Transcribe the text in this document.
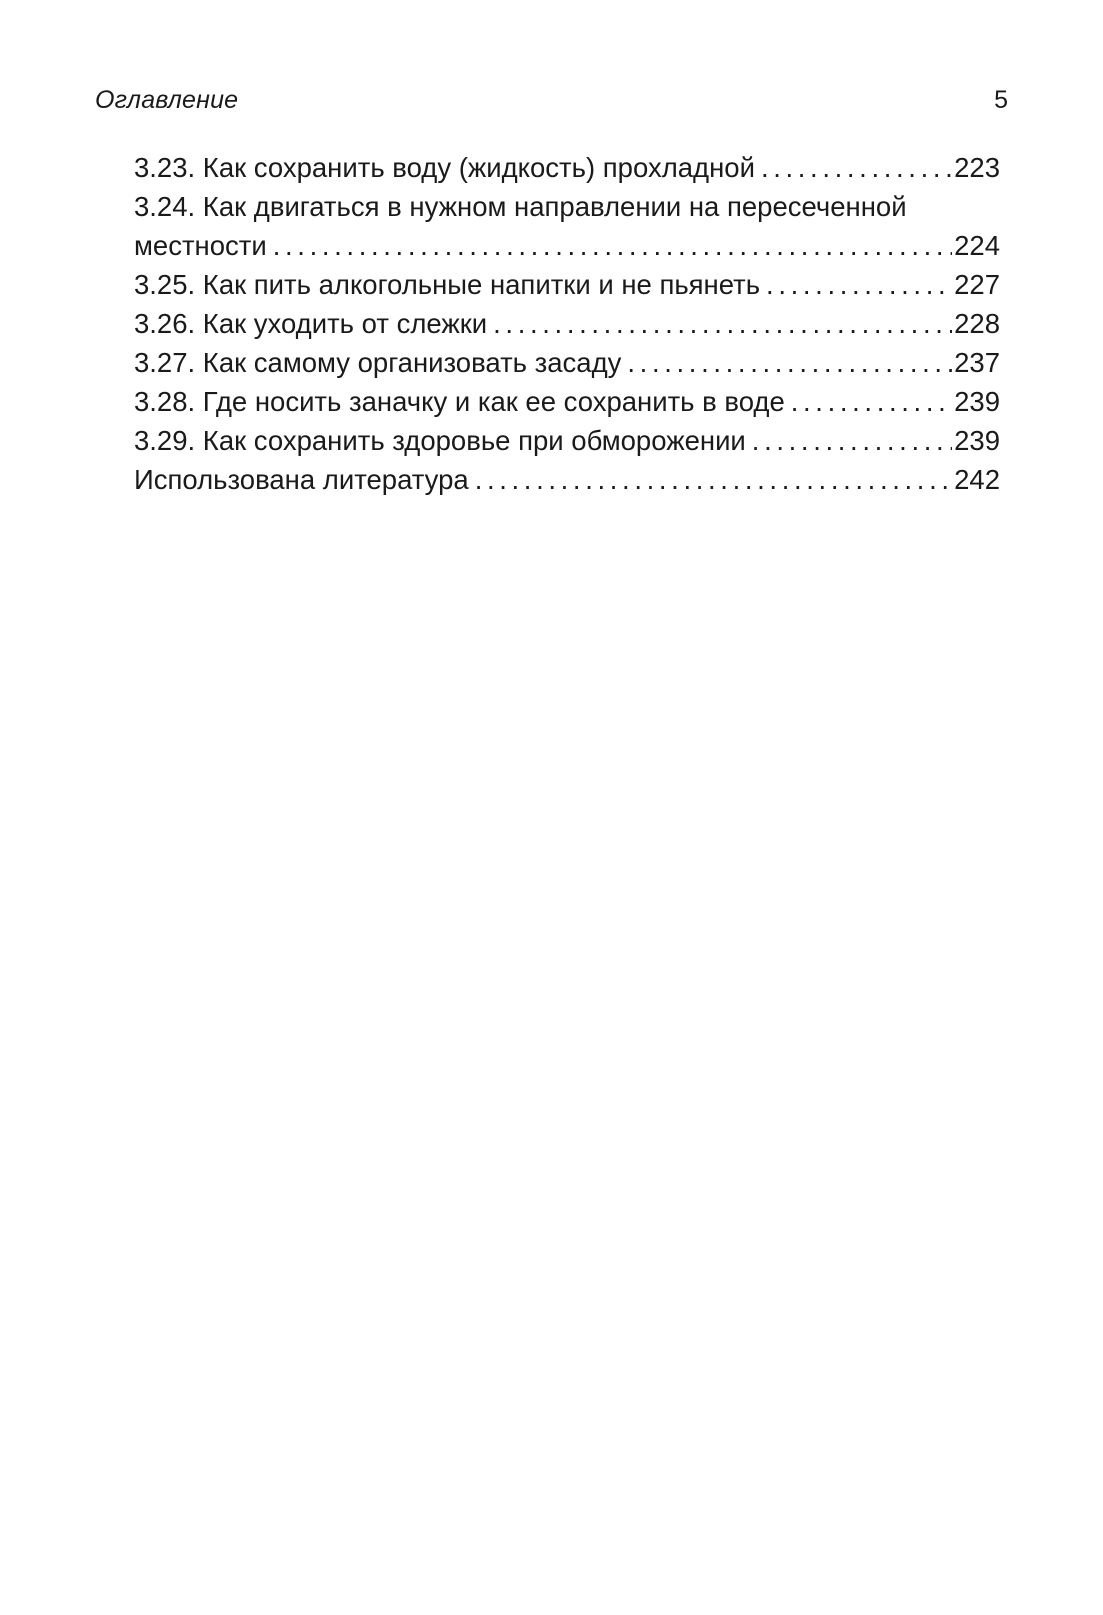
Оглавление	5
3.23. Как сохранить воду (жидкость) прохладной . . .	223
3.24. Как двигаться в нужном направлении на пересеченной
местности . . .	224
3.25. Как пить алкогольные напитки и не пьянеть . . .	227
3.26. Как уходить от слежки . . .	228
3.27. Как самому организовать засаду . . .	237
3.28. Где носить заначку и как ее сохранить в воде . . .	239
3.29. Как сохранить здоровье при обморожении . . .	239
Использована литература . . .	242
